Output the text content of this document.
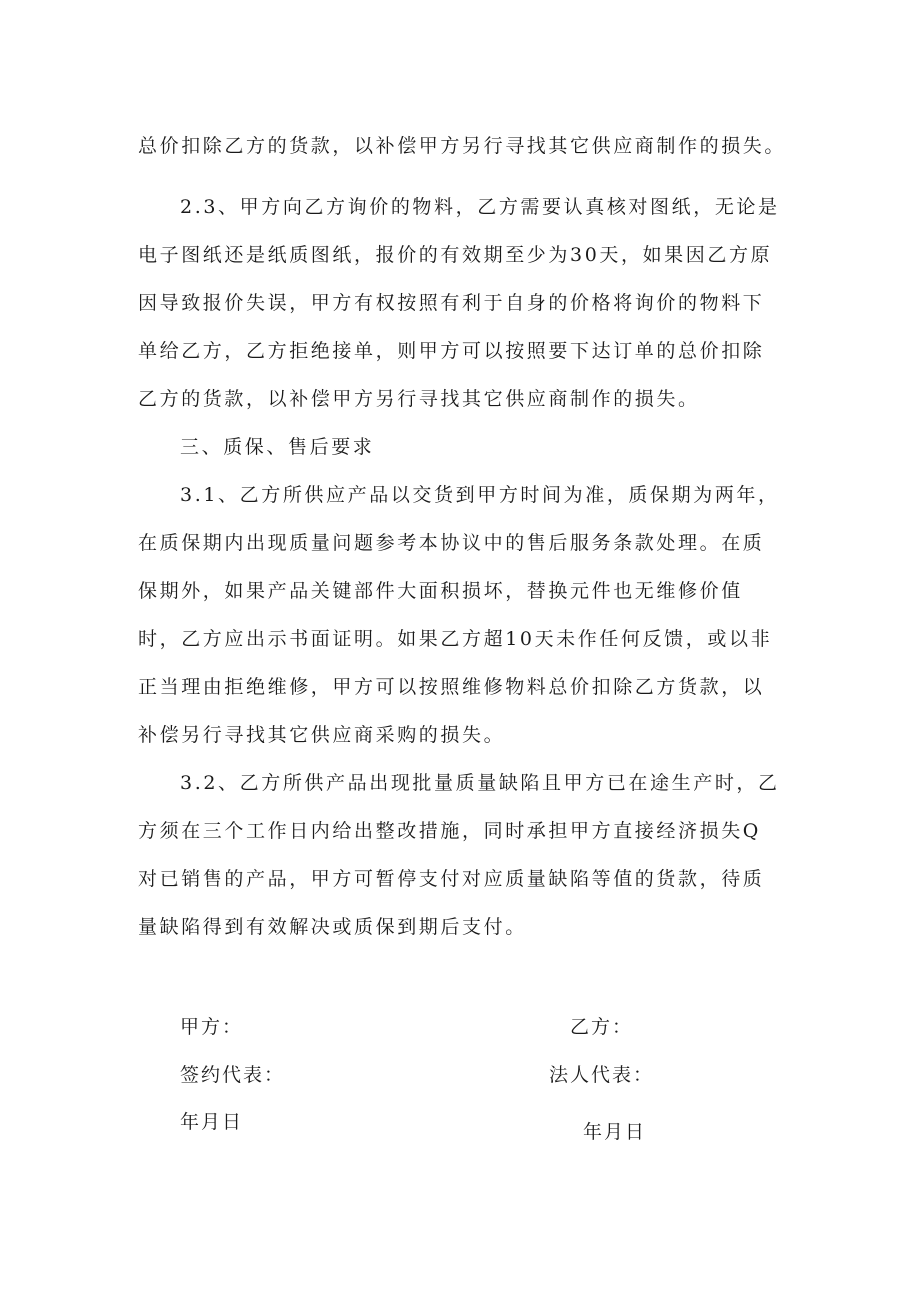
总价扣除乙方的货款，以补偿甲方另行寻找其它供应商制作的损失。
2.3、甲方向乙方询价的物料，乙方需要认真核对图纸，无论是
电子图纸还是纸质图纸，报价的有效期至少为30天，如果因乙方原
因导致报价失误，甲方有权按照有利于自身的价格将询价的物料下
单给乙方，乙方拒绝接单，则甲方可以按照要下达订单的总价扣除
乙方的货款，以补偿甲方另行寻找其它供应商制作的损失。
三、质保、售后要求
3.1、乙方所供应产品以交货到甲方时间为准，质保期为两年，
在质保期内出现质量问题参考本协议中的售后服务条款处理。在质
保期外，如果产品关键部件大面积损坏，替换元件也无维修价值
时，乙方应出示书面证明。如果乙方超10天未作任何反馈，或以非
正当理由拒绝维修，甲方可以按照维修物料总价扣除乙方货款，以
补偿另行寻找其它供应商采购的损失。
3.2、乙方所供产品出现批量质量缺陷且甲方已在途生产时，乙
方须在三个工作日内给出整改措施，同时承担甲方直接经济损失Q
对已销售的产品，甲方可暂停支付对应质量缺陷等值的货款，待质
量缺陷得到有效解决或质保到期后支付。
甲方：	乙方：
签约代表：	法人代表：
年月日	年月日
